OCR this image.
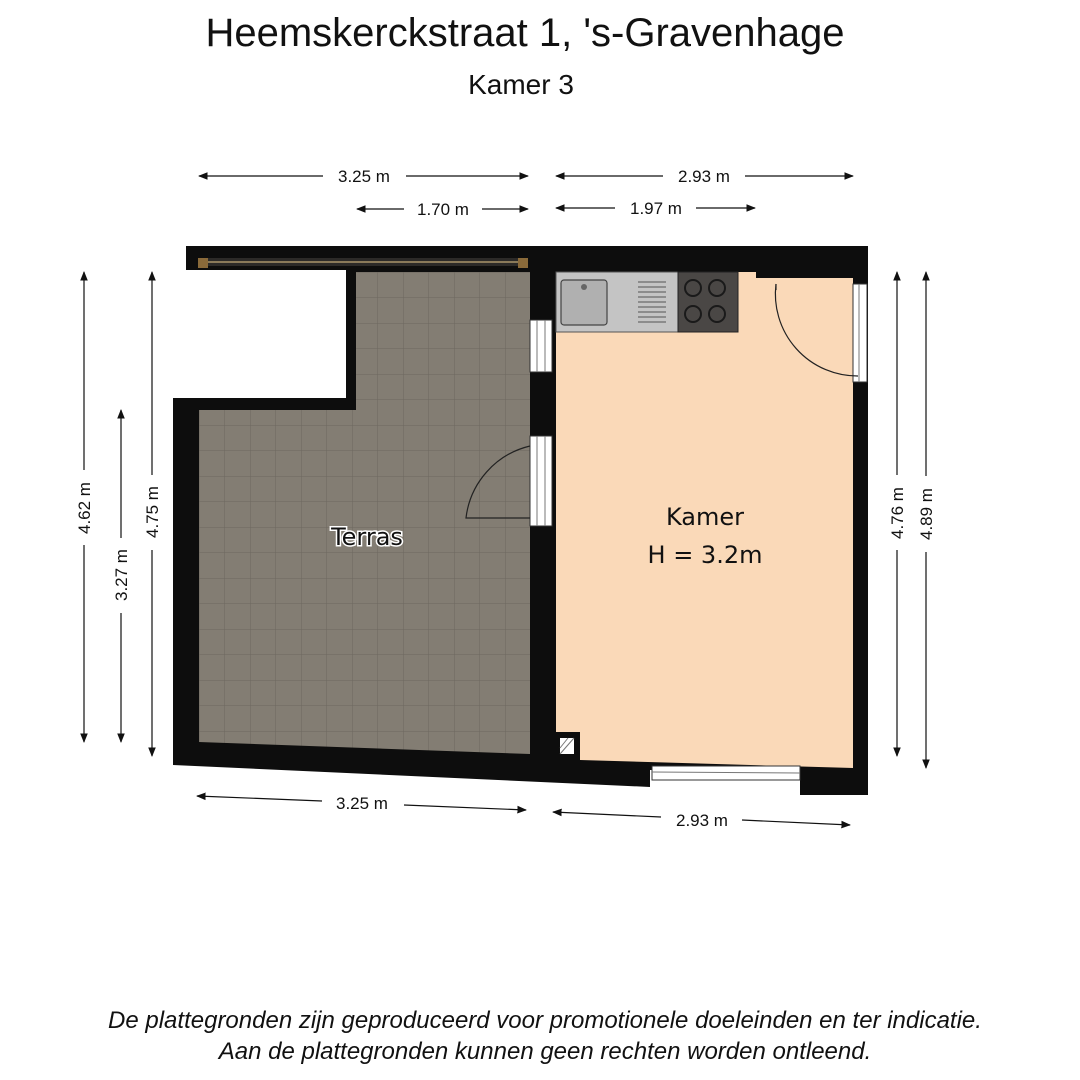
Heemskerckstraat 1, 's-Gravenhage
Kamer 3
Terras
Kamer
H = 3.2m
3.25 m	2.93 m
1.70 m	1.97 m
3.25 m
2.93 m
4.62 m
3.27 m
4.75 m	4.76 m 4.89 m
De plattegronden zijn geproduceerd voor promotionele doeleinden en ter indicatie.
Aan de plattegronden kunnen geen rechten worden ontleend.
